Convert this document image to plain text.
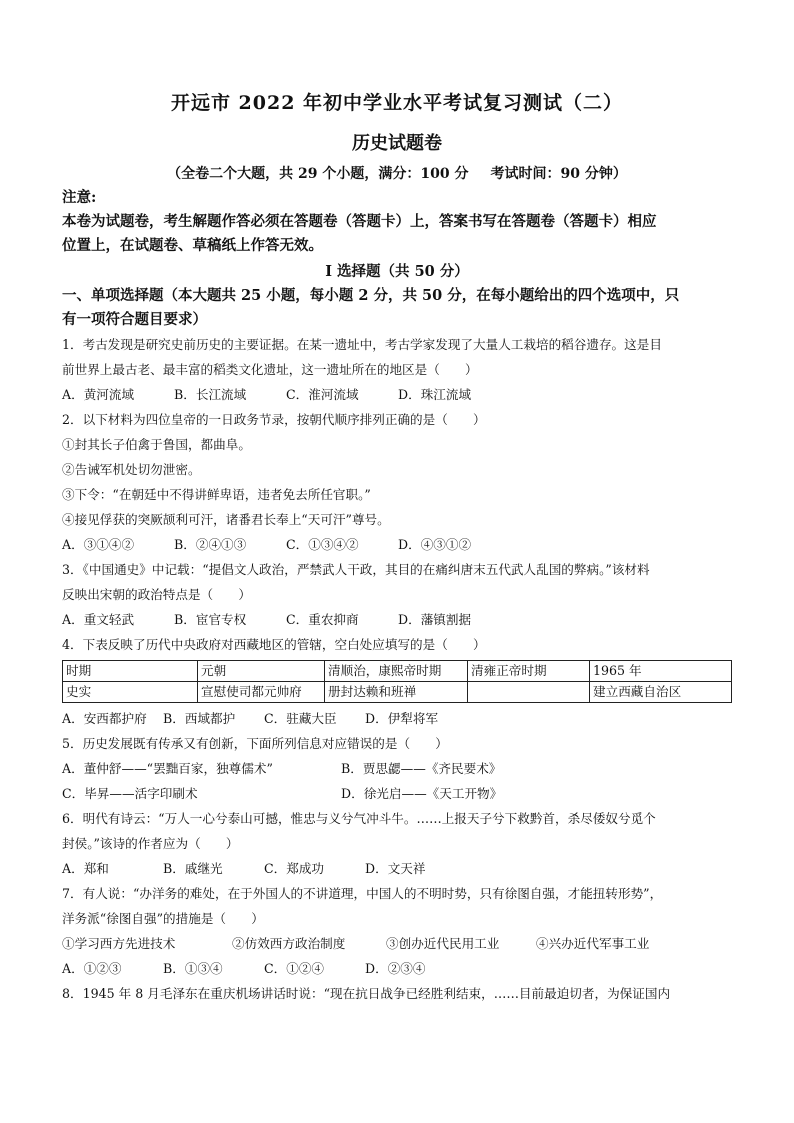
开远市 2022 年初中学业水平考试复习测试（二）

历史试题卷

（全卷二个大题，共 29 个小题，满分：100 分 考试时间：90 分钟）

注意:

本卷为试题卷，考生解题作答必须在答题卷（答题卡）上，答案书写在答题卷（答题卡）相应

位置上，在试题卷、草稿纸上作答无效。

I 选择题（共 50 分）

一、单项选择题（本大题共 25 小题，每小题 2 分，共 50 分，在每小题给出的四个选项中，只

有一项符合题目要求）

1．考古发现是研究史前历史的主要证据。在某一遗址中，考古学家发现了大量人工栽培的稻谷遗存。这是目

前世界上最古老、最丰富的稻类文化遗址，这一遗址所在的地区是（　　）

A．黄河流域	B．长江流域	C．淮河流域	D．珠江流域

2．以下材料为四位皇帝的一日政务节录，按朝代顺序排列正确的是（　　）

①封其长子伯禽于鲁国，都曲阜。

②告诫军机处切勿泄密。

③下令：“在朝廷中不得讲鲜卑语，违者免去所任官职。”

④接见俘获的突厥颉利可汗，诸番君长奉上“天可汗”尊号。

A．③①④②	B．②④①③	C．①③④②	D．④③①②

3．《中国通史》中记载：“提倡文人政治，严禁武人干政，其目的在痛纠唐末五代武人乱国的弊病。”该材料

反映出宋朝的政治特点是（　　）

A．重文轻武	B．宦官专权	C．重农抑商	D．藩镇割据

4．下表反映了历代中央政府对西藏地区的管辖，空白处应填写的是（　　）

时期	元朝	清顺治，康熙帝时期	清雍正帝时期	1965 年
史实	宣慰使司都元帅府	册封达赖和班禅		建立西藏自治区
A．安西都护府	B．西域都护	C．驻藏大臣	D．伊犁将军

5．历史发展既有传承又有创新，下面所列信息对应错误的是（　　）

A．董仲舒——“罢黜百家，独尊儒术”	B．贾思勰——《齐民要术》
C．毕昇——活字印刷术	D．徐光启——《天工开物》

6．明代有诗云：“万人一心兮泰山可撼，惟忠与义兮气冲斗牛。……上报天子兮下救黔首，杀尽倭奴兮觅个

封侯。”该诗的作者应为（　　）

A．郑和	B．戚继光	C．郑成功	D．文天祥

7．有人说：“办洋务的难处，在于外国人的不讲道理，中国人的不明时势，只有徐图自强，才能扭转形势”，

洋务派“徐图自强”的措施是（　　）

①学习西方先进技术	②仿效西方政治制度	③创办近代民用工业	④兴办近代军事工业
A．①②③	B．①③④	C．①②④	D．②③④

8．1945 年 8 月毛泽东在重庆机场讲话时说：“现在抗日战争已经胜利结束，……目前最迫切者，为保证国内
